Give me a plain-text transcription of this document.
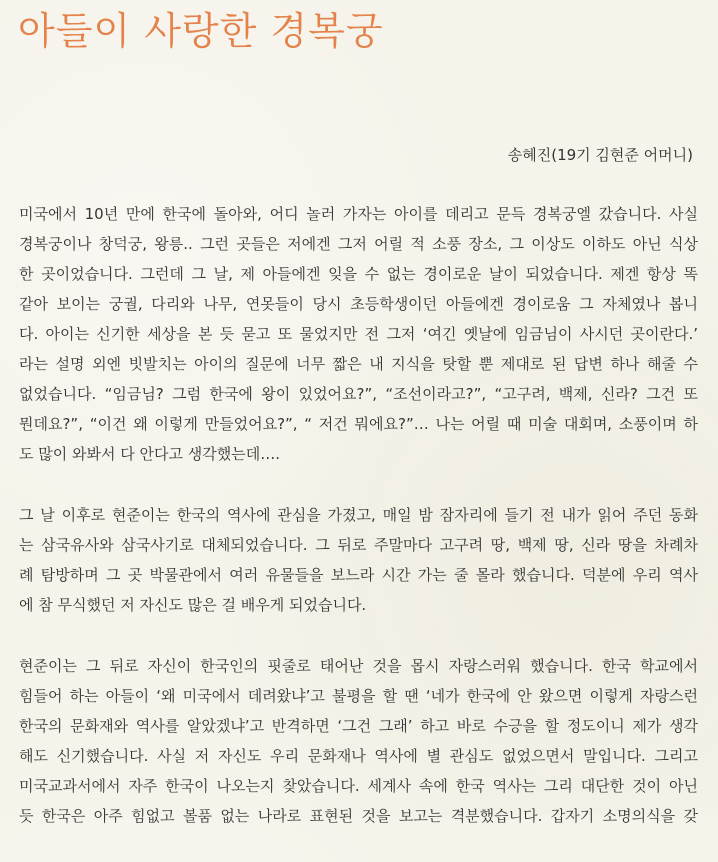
아들이 사랑한 경복궁
송혜진(19기 김현준 어머니)
미국에서 10년 만에 한국에 돌아와, 어디 놀러 가자는 아이를 데리고 문득 경복궁엘 갔습니다. 사실
경복궁이나 창덕궁, 왕릉.. 그런 곳들은 저에겐 그저 어릴 적 소풍 장소, 그 이상도 이하도 아닌 식상
한 곳이었습니다. 그런데 그 날, 제 아들에겐 잊을 수 없는 경이로운 날이 되었습니다. 제겐 항상 똑
같아 보이는 궁궐, 다리와 나무, 연못들이 당시 초등학생이던 아들에겐 경이로움 그 자체였나 봅니
다. 아이는 신기한 세상을 본 듯 묻고 또 물었지만 전 그저 ‘여긴 옛날에 임금님이 사시던 곳이란다.’
라는 설명 외엔 빗발치는 아이의 질문에 너무 짧은 내 지식을 탓할 뿐 제대로 된 답변 하나 해줄 수
없었습니다. “임금님? 그럼 한국에 왕이 있었어요?”, “조선이라고?”, “고구려, 백제, 신라? 그건 또
뭔데요?”, “이건 왜 이렇게 만들었어요?”, “ 저건 뭐에요?”… 나는 어릴 때 미술 대회며, 소풍이며 하
도 많이 와봐서 다 안다고 생각했는데….
그 날 이후로 현준이는 한국의 역사에 관심을 가졌고, 매일 밤 잠자리에 들기 전 내가 읽어 주던 동화
는 삼국유사와 삼국사기로 대체되었습니다. 그 뒤로 주말마다 고구려 땅, 백제 땅, 신라 땅을 차례차
례 탐방하며 그 곳 박물관에서 여러 유물들을 보느라 시간 가는 줄 몰라 했습니다. 덕분에 우리 역사
에 참 무식했던 저 자신도 많은 걸 배우게 되었습니다.
현준이는 그 뒤로 자신이 한국인의 핏줄로 태어난 것을 몹시 자랑스러워 했습니다. 한국 학교에서
힘들어 하는 아들이 ‘왜 미국에서 데려왔냐’고 불평을 할 땐 ‘네가 한국에 안 왔으면 이렇게 자랑스런
한국의 문화재와 역사를 알았겠냐’고 반격하면 ‘그건 그래’ 하고 바로 수긍을 할 정도이니 제가 생각
해도 신기했습니다. 사실 저 자신도 우리 문화재나 역사에 별 관심도 없었으면서 말입니다. 그리고
미국교과서에서 자주 한국이 나오는지 찾았습니다. 세계사 속에 한국 역사는 그리 대단한 것이 아닌
듯 한국은 아주 힘없고 볼품 없는 나라로 표현된 것을 보고는 격분했습니다. 갑자기 소명의식을 갖
